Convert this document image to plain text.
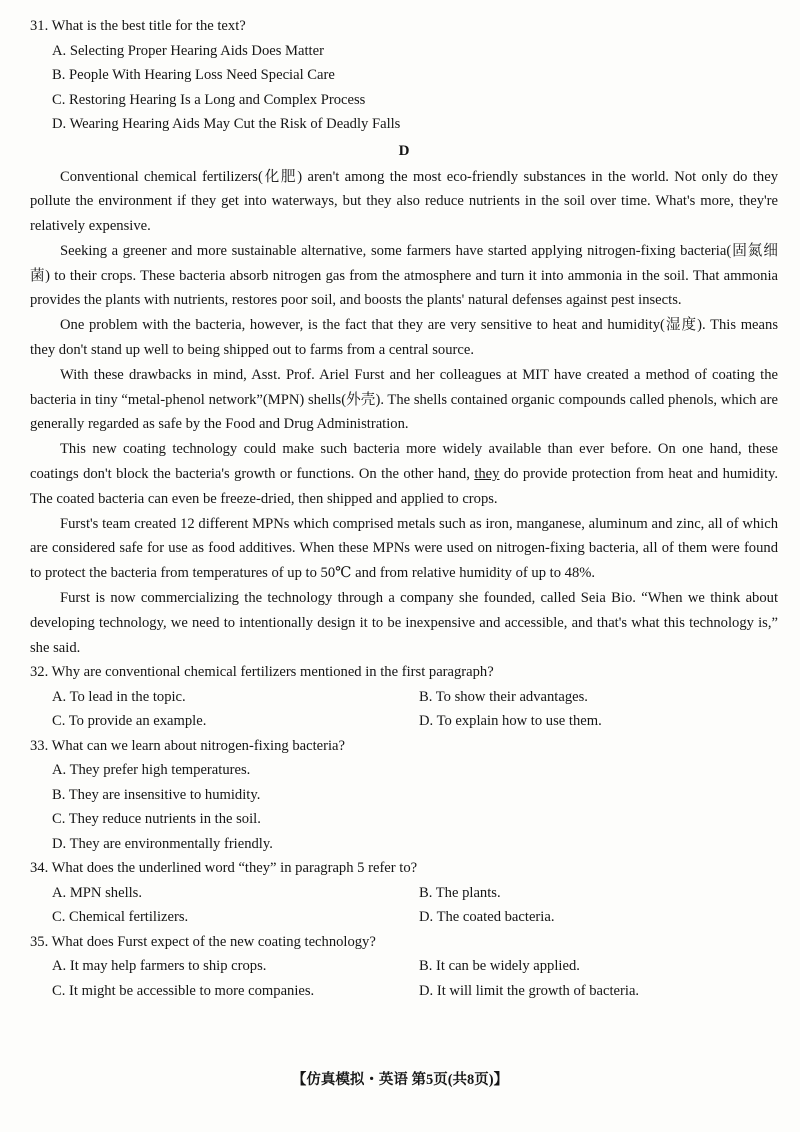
31. What is the best title for the text?
A. Selecting Proper Hearing Aids Does Matter
B. People With Hearing Loss Need Special Care
C. Restoring Hearing Is a Long and Complex Process
D. Wearing Hearing Aids May Cut the Risk of Deadly Falls
D

Conventional chemical fertilizers(化肥) aren't among the most eco-friendly substances in the world. Not only do they pollute the environment if they get into waterways, but they also reduce nutrients in the soil over time. What's more, they're relatively expensive.

Seeking a greener and more sustainable alternative, some farmers have started applying nitrogen-fixing bacteria(固氮细菌) to their crops. These bacteria absorb nitrogen gas from the atmosphere and turn it into ammonia in the soil. That ammonia provides the plants with nutrients, restores poor soil, and boosts the plants' natural defenses against pest insects.

One problem with the bacteria, however, is the fact that they are very sensitive to heat and humidity(湿度). This means they don't stand up well to being shipped out to farms from a central source.

With these drawbacks in mind, Asst. Prof. Ariel Furst and her colleagues at MIT have created a method of coating the bacteria in tiny “metal-phenol network”(MPN) shells(外壳). The shells contained organic compounds called phenols, which are generally regarded as safe by the Food and Drug Administration.

This new coating technology could make such bacteria more widely available than ever before. On one hand, these coatings don't block the bacteria's growth or functions. On the other hand, they do provide protection from heat and humidity. The coated bacteria can even be freeze-dried, then shipped and applied to crops.

Furst's team created 12 different MPNs which comprised metals such as iron, manganese, aluminum and zinc, all of which are considered safe for use as food additives. When these MPNs were used on nitrogen-fixing bacteria, all of them were found to protect the bacteria from temperatures of up to 50℃ and from relative humidity of up to 48%.

Furst is now commercializing the technology through a company she founded, called Seia Bio. “When we think about developing technology, we need to intentionally design it to be inexpensive and accessible, and that's what this technology is,” she said.

32. Why are conventional chemical fertilizers mentioned in the first paragraph?
A. To lead in the topic.	B. To show their advantages.
C. To provide an example.	D. To explain how to use them.
33. What can we learn about nitrogen-fixing bacteria?
A. They prefer high temperatures.
B. They are insensitive to humidity.
C. They reduce nutrients in the soil.
D. They are environmentally friendly.
34. What does the underlined word “they” in paragraph 5 refer to?
A. MPN shells.	B. The plants.
C. Chemical fertilizers.	D. The coated bacteria.
35. What does Furst expect of the new coating technology?
A. It may help farmers to ship crops.	B. It can be widely applied.
C. It might be accessible to more companies.	D. It will limit the growth of bacteria.
【仿真模拟・英语 第5页(共8页)】
